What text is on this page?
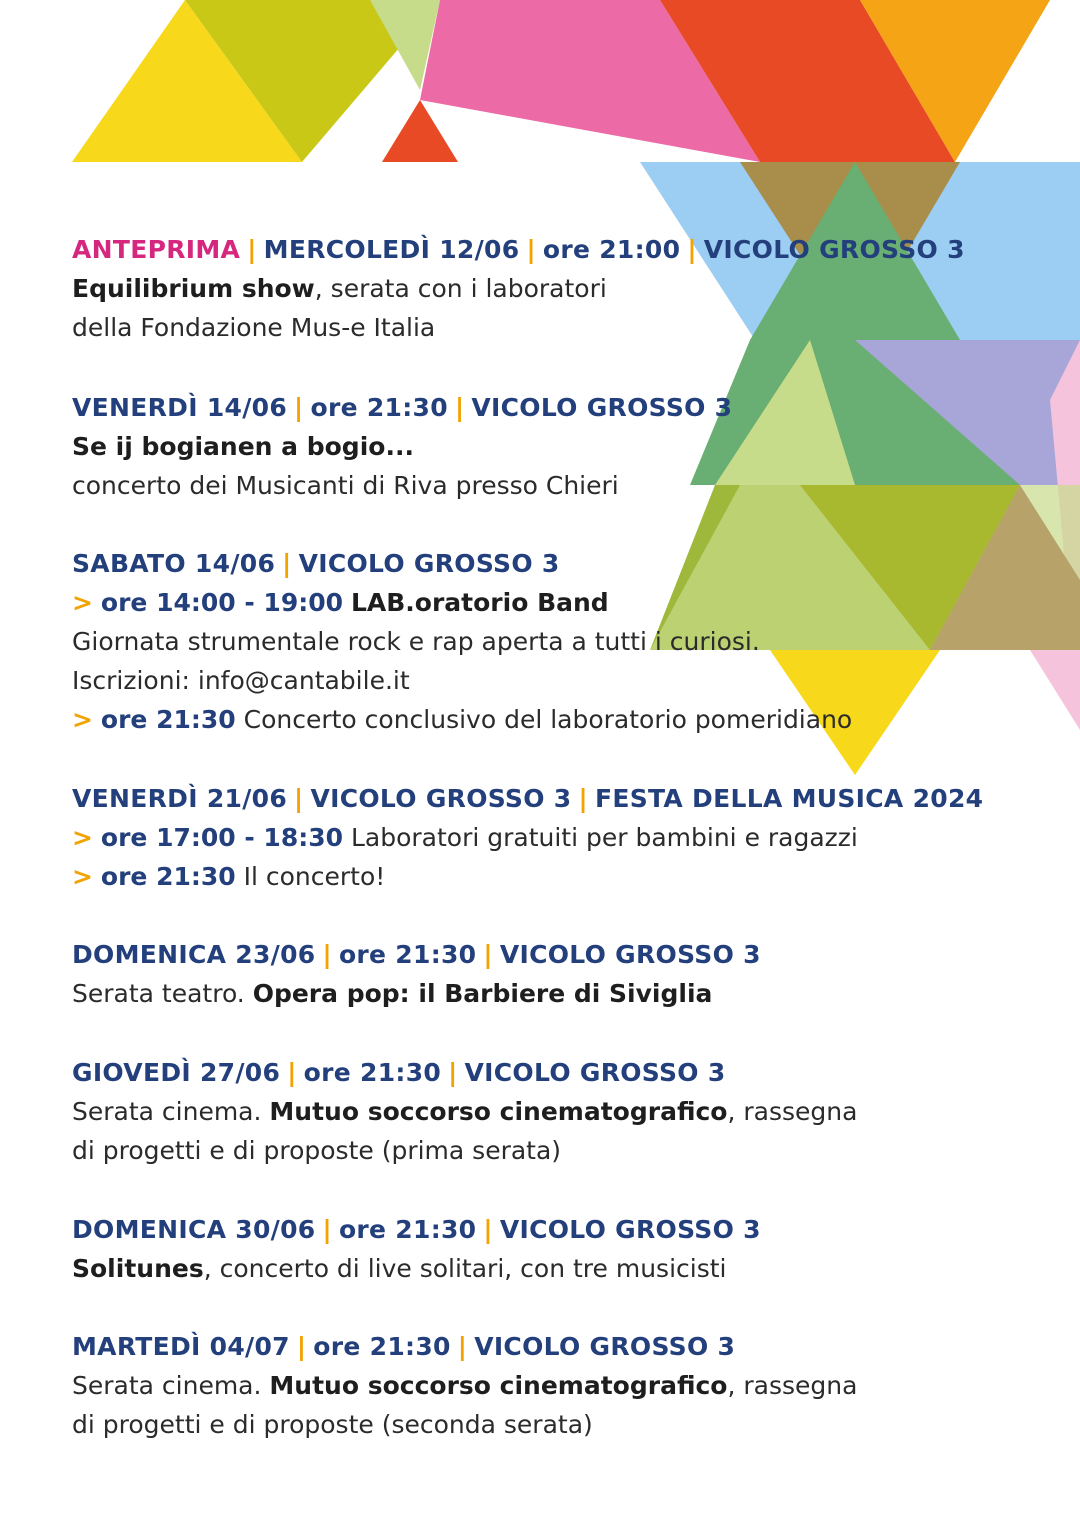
ANTEPRIMA | MERCOLEDÌ 12/06 | ore 21:00 | VICOLO GROSSO 3
Equilibrium show, serata con i laboratori
della Fondazione Mus-e Italia
VENERDÌ 14/06 | ore 21:30 | VICOLO GROSSO 3
Se ij bogianen a bogio...
concerto dei Musicanti di Riva presso Chieri
SABATO 14/06 | VICOLO GROSSO 3
> ore 14:00 - 19:00 LAB.oratorio Band
Giornata strumentale rock e rap aperta a tutti i curiosi.
Iscrizioni: info@cantabile.it
> ore 21:30 Concerto conclusivo del laboratorio pomeridiano
VENERDÌ 21/06 | VICOLO GROSSO 3 | FESTA DELLA MUSICA 2024
> ore 17:00 - 18:30 Laboratori gratuiti per bambini e ragazzi
> ore 21:30 Il concerto!
DOMENICA 23/06 | ore 21:30 | VICOLO GROSSO 3
Serata teatro. Opera pop: il Barbiere di Siviglia
GIOVEDÌ 27/06 | ore 21:30 | VICOLO GROSSO 3
Serata cinema. Mutuo soccorso cinematografico, rassegna
di progetti e di proposte (prima serata)
DOMENICA 30/06 | ore 21:30 | VICOLO GROSSO 3
Solitunes, concerto di live solitari, con tre musicisti
MARTEDÌ 04/07 | ore 21:30 | VICOLO GROSSO 3
Serata cinema. Mutuo soccorso cinematografico, rassegna
di progetti e di proposte (seconda serata)
